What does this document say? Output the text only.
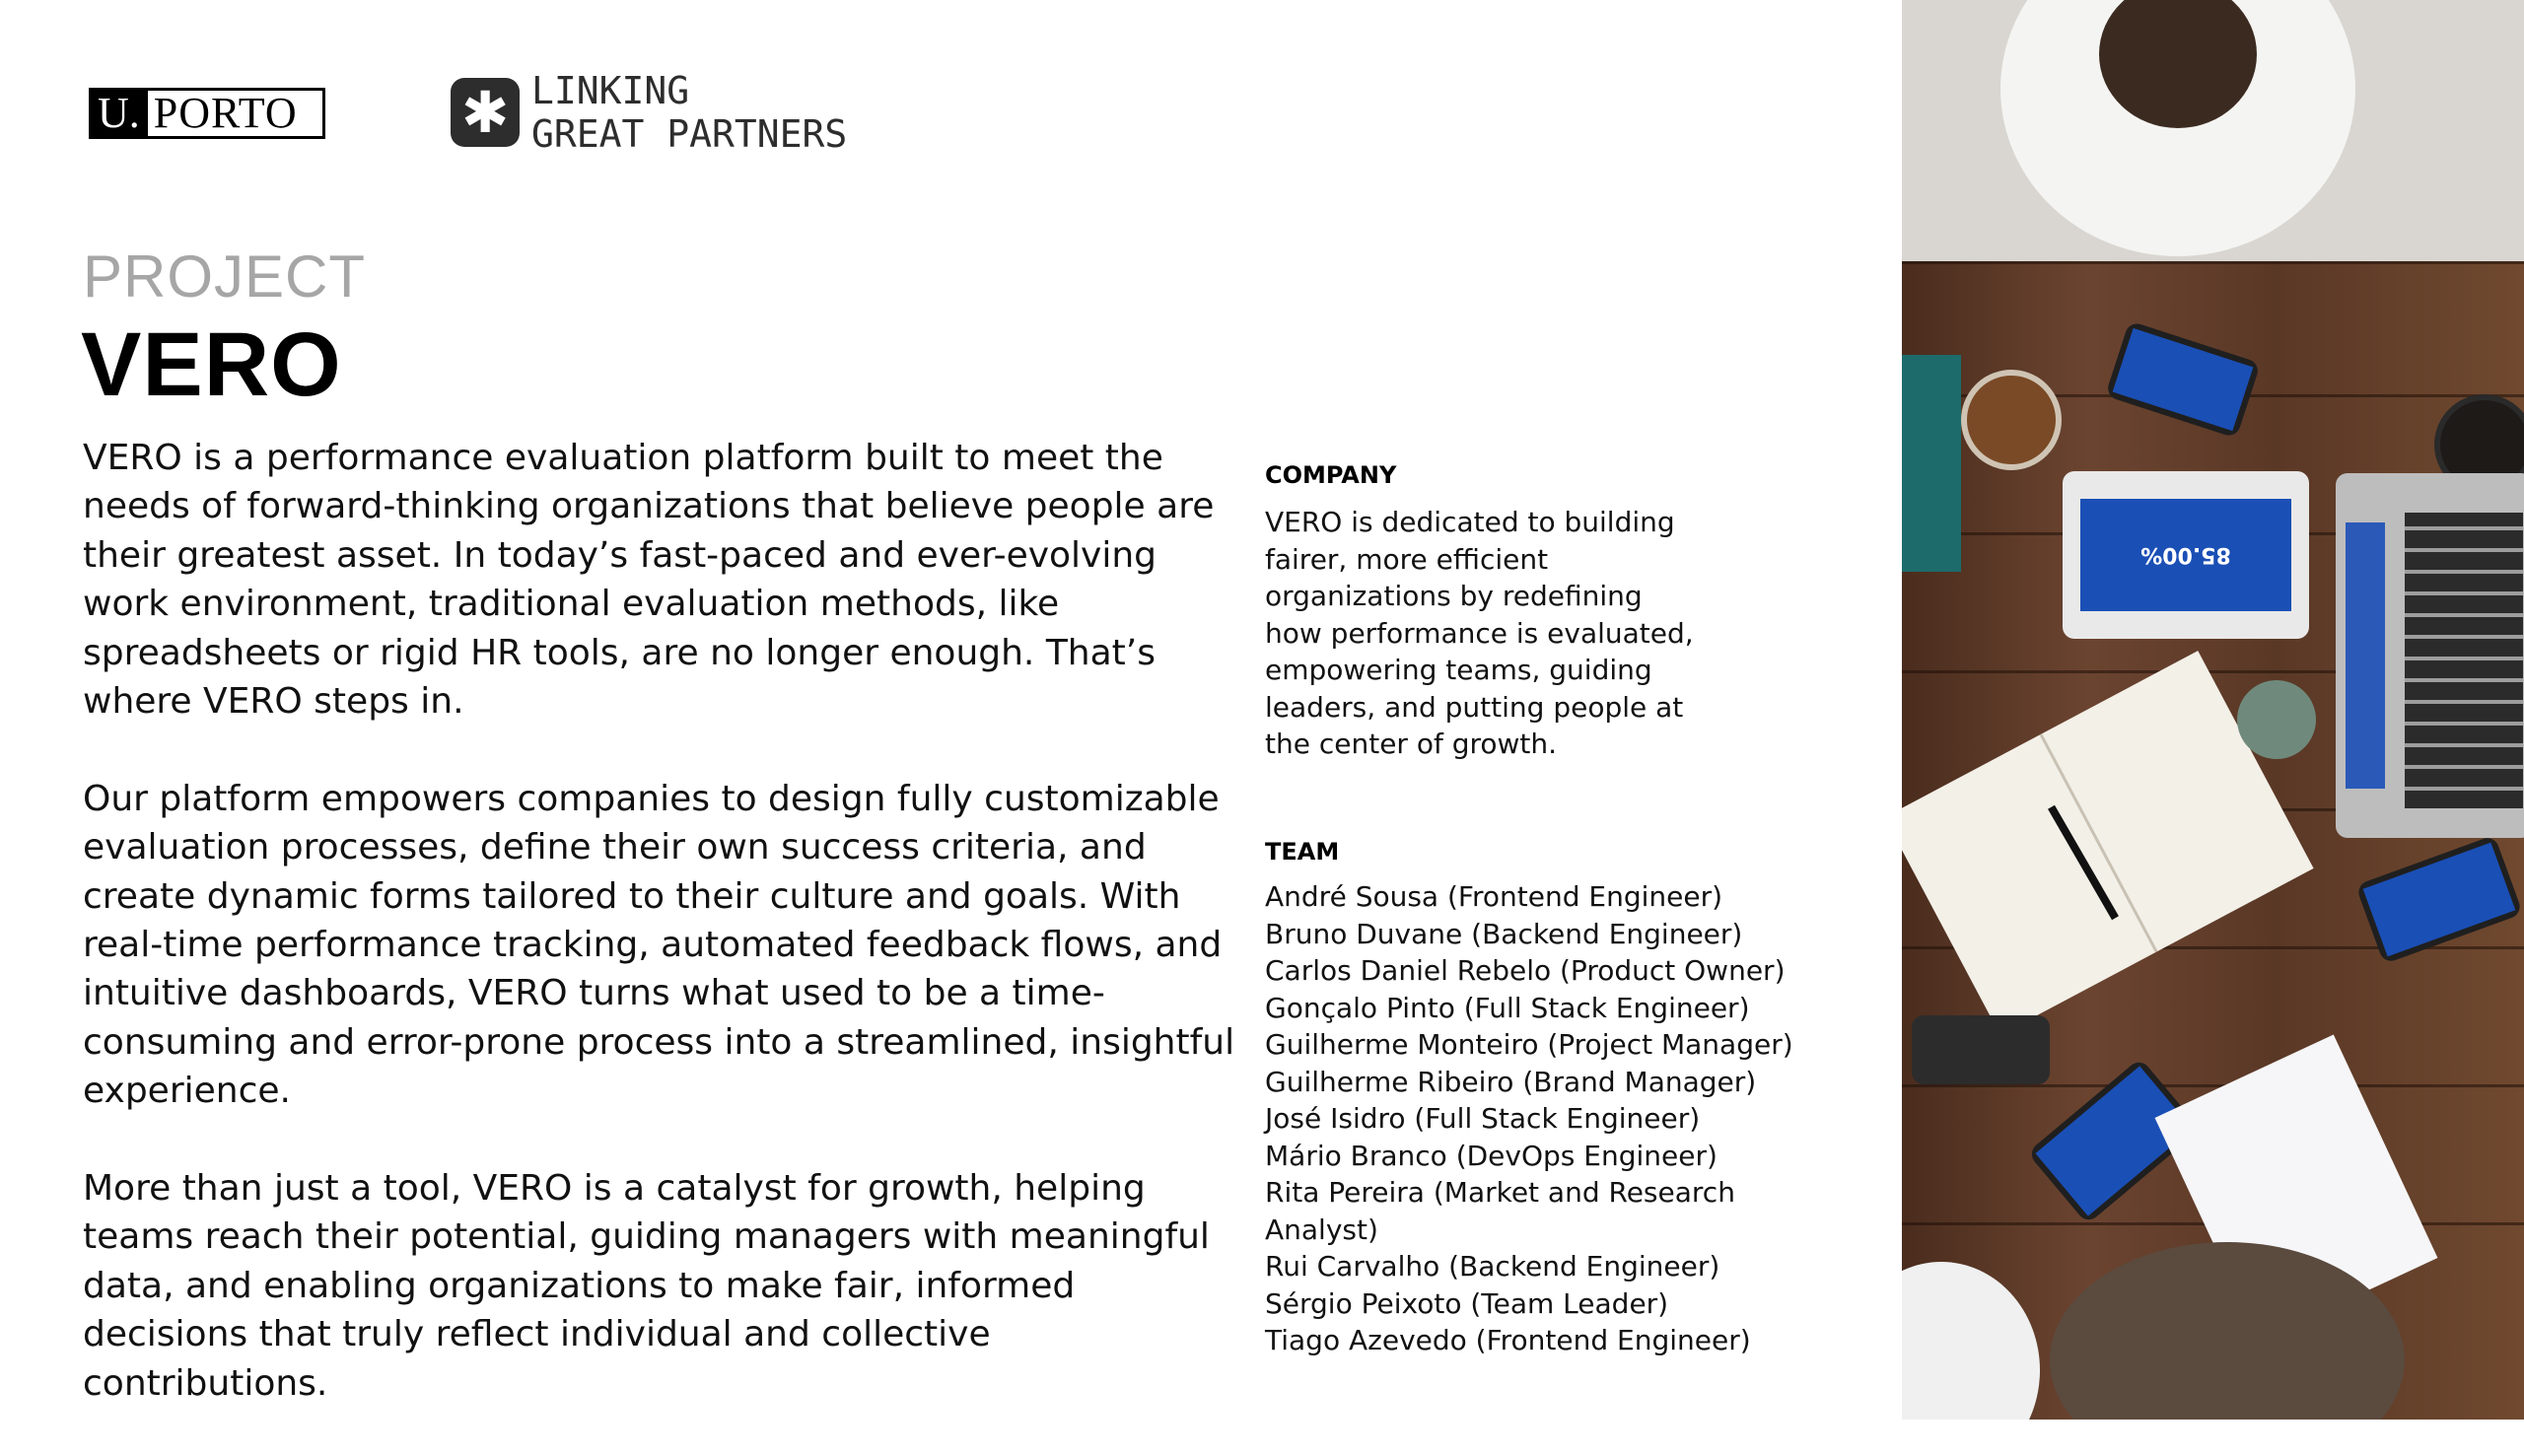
U. PORTO	✱ LINKING
GREAT PARTNERS
PROJECT
VERO

VERO is a performance evaluation platform built to meet the needs of forward-thinking organizations that believe people are their greatest asset. In today’s fast-paced and ever-evolving work environment, traditional evaluation methods, like spreadsheets or rigid HR tools, are no longer enough. That’s where VERO steps in.

Our platform empowers companies to design fully customizable evaluation processes, define their own success criteria, and create dynamic forms tailored to their culture and goals. With real-time performance tracking, automated feedback flows, and intuitive dashboards, VERO turns what used to be a time-consuming and error-prone process into a streamlined, insightful experience.

More than just a tool, VERO is a catalyst for growth, helping teams reach their potential, guiding managers with meaningful data, and enabling organizations to make fair, informed decisions that truly reflect individual and collective contributions.

COMPANY
VERO is dedicated to building fairer, more efficient organizations by redefining how performance is evaluated, empowering teams, guiding leaders, and putting people at the center of growth.
TEAM
André Sousa (Frontend Engineer)
Bruno Duvane (Backend Engineer)
Carlos Daniel Rebelo (Product Owner)
Gonçalo Pinto (Full Stack Engineer)
Guilherme Monteiro (Project Manager)
Guilherme Ribeiro (Brand Manager)
José Isidro (Full Stack Engineer)
Mário Branco (DevOps Engineer)
Rita Pereira (Market and Research Analyst)
Rui Carvalho (Backend Engineer)
Sérgio Peixoto (Team Leader)
Tiago Azevedo (Frontend Engineer)
85.00%
